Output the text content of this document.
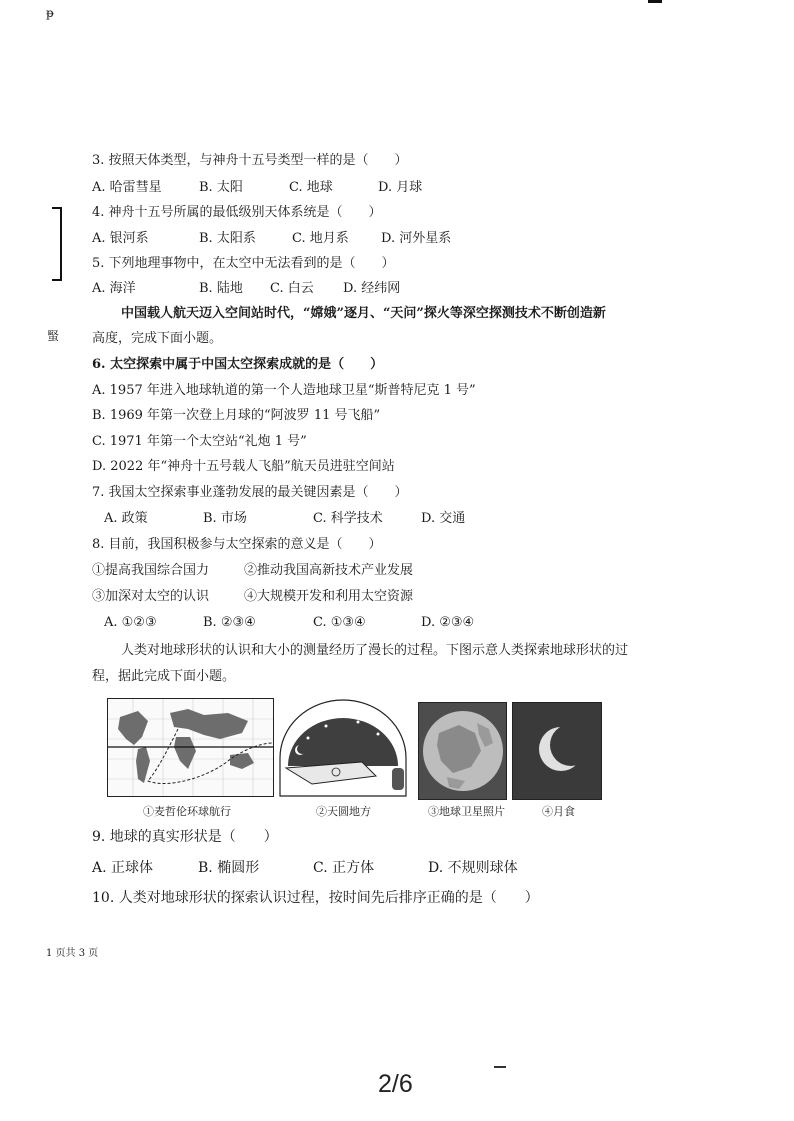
ᵽ
蜸
3. 按照天体类型，与神舟十五号类型一样的是（　　）
A. 哈雷彗星	B. 太阳	C. 地球	D. 月球
4. 神舟十五号所属的最低级别天体系统是（　　）
A. 银河系	B. 太阳系	C. 地月系 D. 河外星系
5. 下列地理事物中，在太空中无法看到的是（　　）
A. 海洋	B. 陆地 C. 白云 D. 经纬网
中国载人航天迈入空间站时代，“嫦娥”逐月、“天问”探火等深空探测技术不断创造新
高度，完成下面小题。
6. 太空探索中属于中国太空探索成就的是（　　）
A. 1957 年进入地球轨道的第一个人造地球卫星“斯普特尼克 1 号”
B. 1969 年第一次登上月球的“阿波罗 11 号飞船”
C. 1971 年第一个太空站“礼炮 1 号”
D. 2022 年“神舟十五号载人飞船”航天员进驻空间站
7. 我国太空探索事业蓬勃发展的最关键因素是（　　）
A. 政策	B. 市场	C. 科学技术	D. 交通
8. 目前，我国积极参与太空探索的意义是（　　）
①提高我国综合国力	②推动我国高新技术产业发展
③加深对太空的认识	④大规模开发和利用太空资源
A. ①②③	B. ②③④	C. ①③④	D. ②③④
人类对地球形状的认识和大小的测量经历了漫长的过程。下图示意人类探索地球形状的过
程，据此完成下面小题。
①麦哲伦环球航行	②天圆地方	③地球卫星照片	④月食
9. 地球的真实形状是（　　）
A. 正球体	B. 椭圆形	C. 正方体	D. 不规则球体
10. 人类对地球形状的探索认识过程，按时间先后排序正确的是（　　）
1 页共 3 页
2/6
